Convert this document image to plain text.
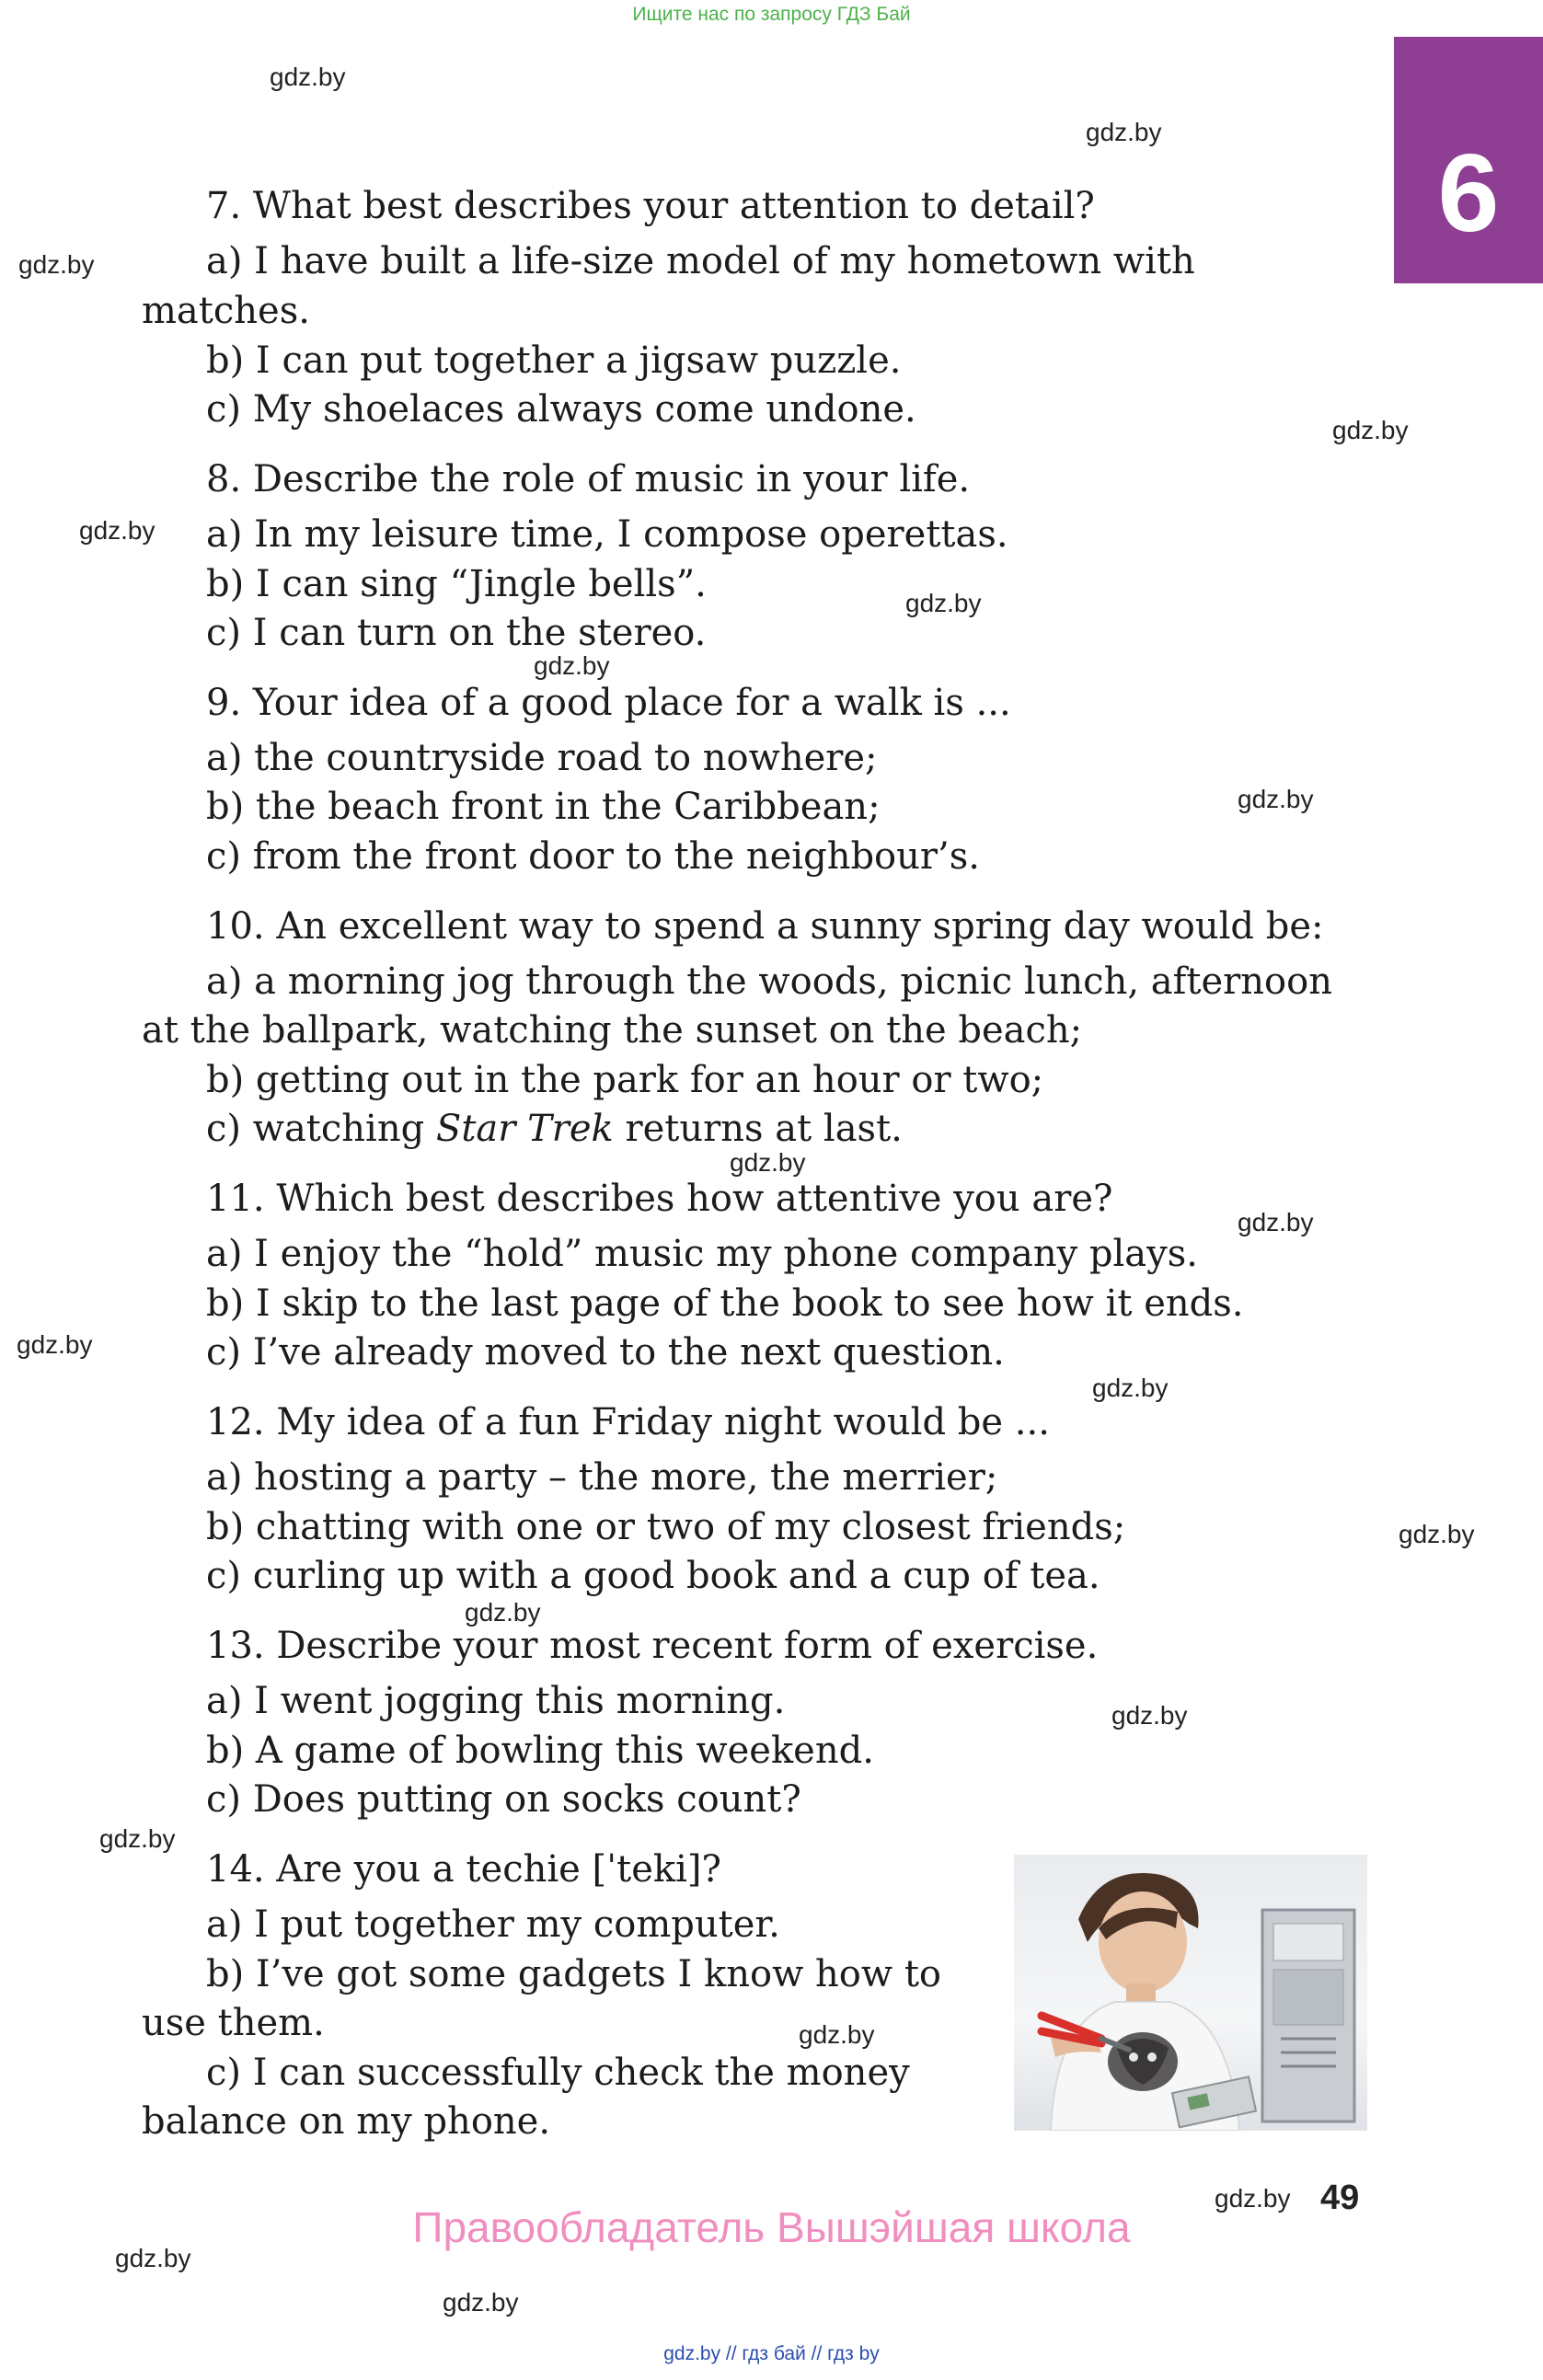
Ищите нас по запросу ГДЗ Бай
6
gdz.by
gdz.by
gdz.by
gdz.by
gdz.by
gdz.by
gdz.by
gdz.by
gdz.by
gdz.by
gdz.by
gdz.by
gdz.by
gdz.by
gdz.by
gdz.by
gdz.by
gdz.by
gdz.by
gdz.by
7. What best describes your attention to detail?
a) I have built a life-size model of my hometown with
matches.
b) I can put together a jigsaw puzzle.
c) My shoelaces always come undone.
8. Describe the role of music in your life.
a) In my leisure time, I compose operettas.
b) I can sing “Jingle bells”.
c) I can turn on the stereo.
9. Your idea of a good place for a walk is ...
a) the countryside road to nowhere;
b) the beach front in the Caribbean;
c) from the front door to the neighbour’s.
10. An excellent way to spend a sunny spring day would be:
a) a morning jog through the woods, picnic lunch, afternoon
at the ballpark, watching the sunset on the beach;
b) getting out in the park for an hour or two;
c) watching Star Trek returns at last.
11. Which best describes how attentive you are?
a) I enjoy the “hold” music my phone company plays.
b) I skip to the last page of the book to see how it ends.
c) I’ve already moved to the next question.
12. My idea of a fun Friday night would be ...
a) hosting a party – the more, the merrier;
b) chatting with one or two of my closest friends;
c) curling up with a good book and a cup of tea.
13. Describe your most recent form of exercise.
a) I went jogging this morning.
b) A game of bowling this weekend.
c) Does putting on socks count?
14. Are you a techie [ˈteki]?
a) I put together my computer.
b) I’ve got some gadgets I know how to
use them.
c) I can successfully check the money
balance on my phone.
49
Правообладатель Вышэйшая школа
gdz.by // гдз бай // гдз by
